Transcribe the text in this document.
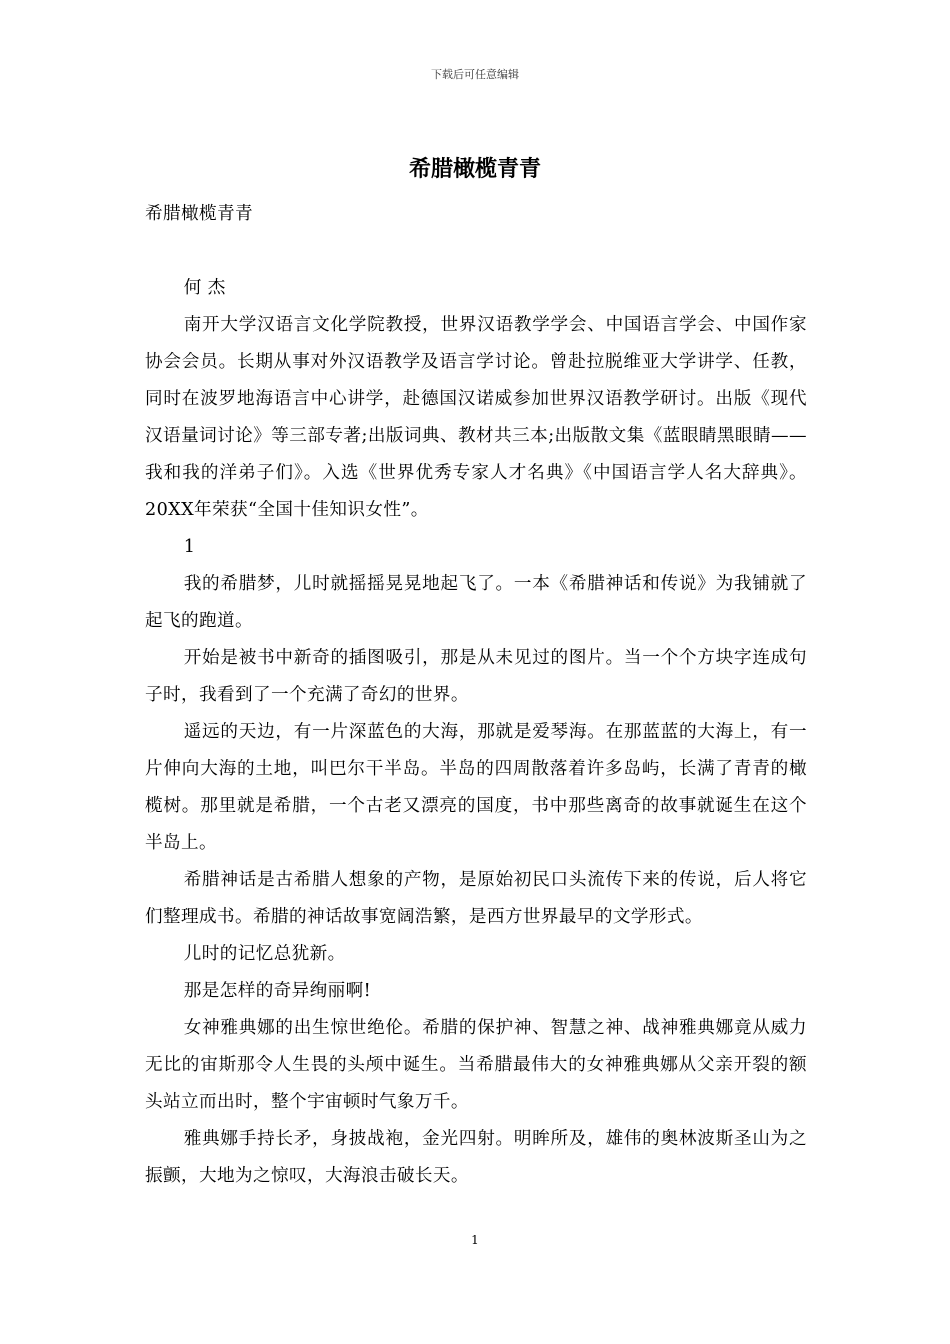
下载后可任意编辑
希腊橄榄青青

希腊橄榄青青

何 杰

南开大学汉语言文化学院教授，世界汉语教学学会、中国语言学会、中国作家协会会员。长期从事对外汉语教学及语言学讨论。曾赴拉脱维亚大学讲学、任教，同时在波罗地海语言中心讲学，赴德国汉诺威参加世界汉语教学研讨。出版《现代汉语量词讨论》等三部专著;出版词典、教材共三本;出版散文集《蓝眼睛黑眼睛——我和我的洋弟子们》。入选《世界优秀专家人才名典》《中国语言学人名大辞典》。20XX年荣获“全国十佳知识女性”。

1

我的希腊梦，儿时就摇摇晃晃地起飞了。一本《希腊神话和传说》为我铺就了起飞的跑道。

开始是被书中新奇的插图吸引，那是从未见过的图片。当一个个方块字连成句子时，我看到了一个充满了奇幻的世界。

遥远的天边，有一片深蓝色的大海，那就是爱琴海。在那蓝蓝的大海上，有一片伸向大海的土地，叫巴尔干半岛。半岛的四周散落着许多岛屿，长满了青青的橄榄树。那里就是希腊，一个古老又漂亮的国度，书中那些离奇的故事就诞生在这个半岛上。

希腊神话是古希腊人想象的产物，是原始初民口头流传下来的传说，后人将它们整理成书。希腊的神话故事宽阔浩繁，是西方世界最早的文学形式。

儿时的记忆总犹新。

那是怎样的奇异绚丽啊!

女神雅典娜的出生惊世绝伦。希腊的保护神、智慧之神、战神雅典娜竟从威力无比的宙斯那令人生畏的头颅中诞生。当希腊最伟大的女神雅典娜从父亲开裂的额头站立而出时，整个宇宙顿时气象万千。

雅典娜手持长矛，身披战袍，金光四射。明眸所及，雄伟的奥林波斯圣山为之振颤，大地为之惊叹，大海浪击破长天。

1
